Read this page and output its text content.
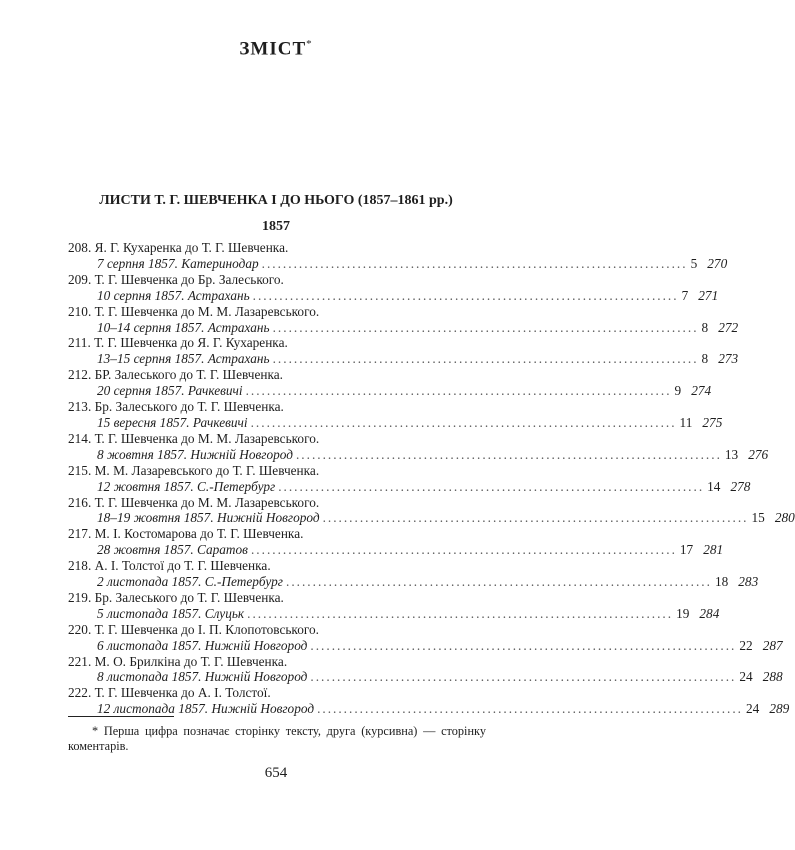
ЗМІСТ*
ЛИСТИ Т. Г. ШЕВЧЕНКА І ДО НЬОГО (1857–1861 рр.)
1857
208. Я. Г. Кухаренка до Т. Г. Шевченка.
7 серпня 1857. Катеринодар ................................................................................ 5 270
209. Т. Г. Шевченка до Бр. Залеського.
10 серпня 1857. Астрахань ................................................................................ 7 271
210. Т. Г. Шевченка до М. М. Лазаревського.
10–14 серпня 1857. Астрахань ................................................................................ 8 272
211. Т. Г. Шевченка до Я. Г. Кухаренка.
13–15 серпня 1857. Астрахань ................................................................................ 8 273
212. БР. Залеського до Т. Г. Шевченка.
20 серпня 1857. Рачкевичі ................................................................................ 9 274
213. Бр. Залеського до Т. Г. Шевченка.
15 вересня 1857. Рачкевичі ................................................................................ 11 275
214. Т. Г. Шевченка до М. М. Лазаревського.
8 жовтня 1857. Нижній Новгород ................................................................................ 13 276
215. М. М. Лазаревського до Т. Г. Шевченка.
12 жовтня 1857. С.-Петербург ................................................................................ 14 278
216. Т. Г. Шевченка до М. М. Лазаревського.
18–19 жовтня 1857. Нижній Новгород ................................................................................ 15 280
217. М. І. Костомарова до Т. Г. Шевченка.
28 жовтня 1857. Саратов ................................................................................ 17 281
218. А. І. Толстої до Т. Г. Шевченка.
2 листопада 1857. С.-Петербург ................................................................................ 18 283
219. Бр. Залеського до Т. Г. Шевченка.
5 листопада 1857. Слуцьк ................................................................................ 19 284
220. Т. Г. Шевченка до І. П. Клопотовського.
6 листопада 1857. Нижній Новгород ................................................................................ 22 287
221. М. О. Брилкіна до Т. Г. Шевченка.
8 листопада 1857. Нижній Новгород ................................................................................ 24 288
222. Т. Г. Шевченка до А. І. Толстої.
12 листопада 1857. Нижній Новгород ................................................................................ 24 289
* Перша цифра позначає сторінку тексту, друга (курсивна) — сторінку коментарів.
654
